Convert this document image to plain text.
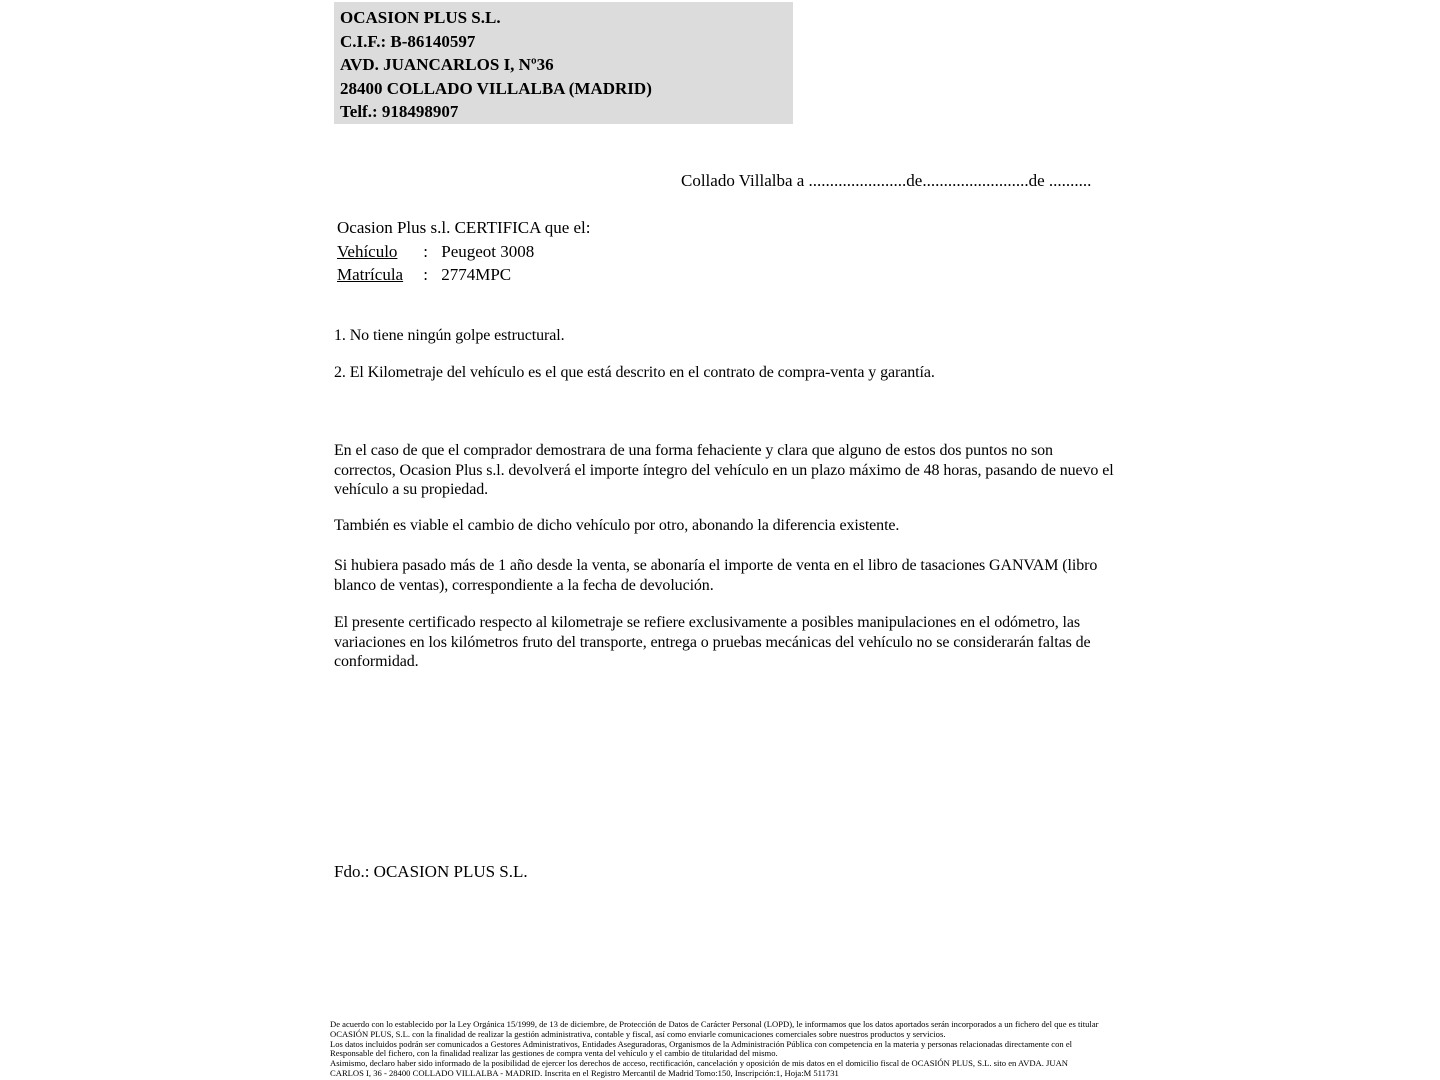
OCASION PLUS S.L.
C.I.F.: B-86140597
AVD. JUANCARLOS I, Nº36
28400 COLLADO VILLALBA (MADRID)
Telf.: 918498907
Collado Villalba a .......................de.........................de ..........
Ocasion Plus s.l. CERTIFICA que el:
Vehículo : Peugeot 3008
Matrícula : 2774MPC
1. No tiene ningún golpe estructural.
2. El Kilometraje del vehículo es el que está descrito en el contrato de compra-venta y garantía.
En el caso de que el comprador demostrara de una forma fehaciente y clara que alguno de estos dos puntos no son correctos, Ocasion Plus s.l. devolverá el importe íntegro del vehículo en un plazo máximo de 48 horas, pasando de nuevo el vehículo a su propiedad.
También es viable el cambio de dicho vehículo por otro, abonando la diferencia existente.
Si hubiera pasado más de 1 año desde la venta, se abonaría el importe de venta en el libro de tasaciones GANVAM (libro blanco de ventas), correspondiente a la fecha de devolución.
El presente certificado respecto al kilometraje se refiere exclusivamente a posibles manipulaciones en el odómetro, las variaciones en los kilómetros fruto del transporte, entrega o pruebas mecánicas del vehículo no se considerarán faltas de conformidad.
Fdo.: OCASION PLUS S.L.

De acuerdo con lo establecido por la Ley Orgánica 15/1999, de 13 de diciembre, de Protección de Datos de Carácter Personal (LOPD), le informamos que los datos aportados serán incorporados a un fichero del que es titular OCASIÓN PLUS, S.L. con la finalidad de realizar la gestión administrativa, contable y fiscal, así como enviarle comunicaciones comerciales sobre nuestros productos y servicios.

Los datos incluidos podrán ser comunicados a Gestores Administrativos, Entidades Aseguradoras, Organismos de la Administración Pública con competencia en la materia y personas relacionadas directamente con el Responsable del fichero, con la finalidad realizar las gestiones de compra venta del vehículo y el cambio de titularidad del mismo.

Asimismo, declaro haber sido informado de la posibilidad de ejercer los derechos de acceso, rectificación, cancelación y oposición de mis datos en el domicilio fiscal de OCASIÓN PLUS, S.L. sito en AVDA. JUAN CARLOS I, 36 - 28400 COLLADO VILLALBA - MADRID. Inscrita en el Registro Mercantil de Madrid Tomo:150, Inscripción:1, Hoja:M 511731
